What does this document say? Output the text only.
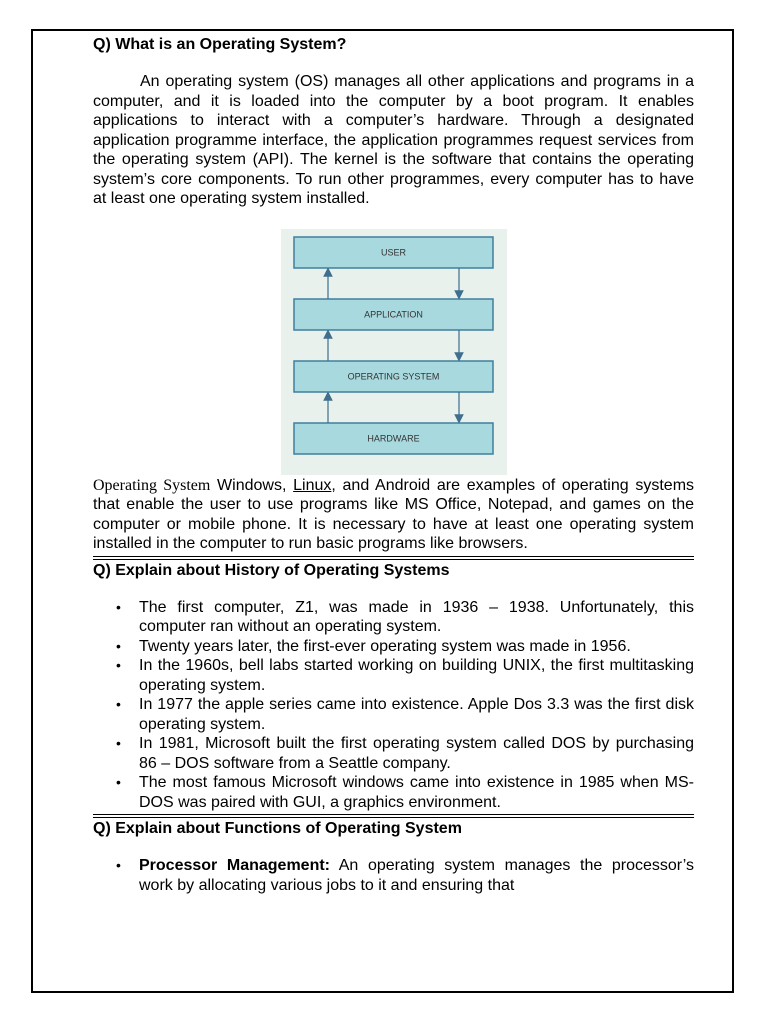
Q) What is an Operating System?

An operating system (OS) manages all other applications and programs in a computer, and it is loaded into the computer by a boot program. It enables applications to interact with a computer’s hardware. Through a designated application programme interface, the application programmes request services from the operating system (API). The kernel is the software that contains the operating system’s core components. To run other programmes, every computer has to have at least one operating system installed.

USER
APPLICATION
OPERATING SYSTEM
HARDWARE

Operating System Windows, Linux, and Android are examples of operating systems that enable the user to use programs like MS Office, Notepad, and games on the computer or mobile phone. It is necessary to have at least one operating system installed in the computer to run basic programs like browsers.

Q) Explain about History of Operating Systems

• The first computer, Z1, was made in 1936 – 1938. Unfortunately, this computer ran without an operating system.
• Twenty years later, the first-ever operating system was made in 1956.
• In the 1960s, bell labs started working on building UNIX, the first multitasking operating system.
• In 1977 the apple series came into existence. Apple Dos 3.3 was the first disk operating system.
• In 1981, Microsoft built the first operating system called DOS by purchasing 86 – DOS software from a Seattle company.
• The most famous Microsoft windows came into existence in 1985 when MS-DOS was paired with GUI, a graphics environment.

Q) Explain about Functions of Operating System

• Processor Management: An operating system manages the processor’s work by allocating various jobs to it and ensuring that
